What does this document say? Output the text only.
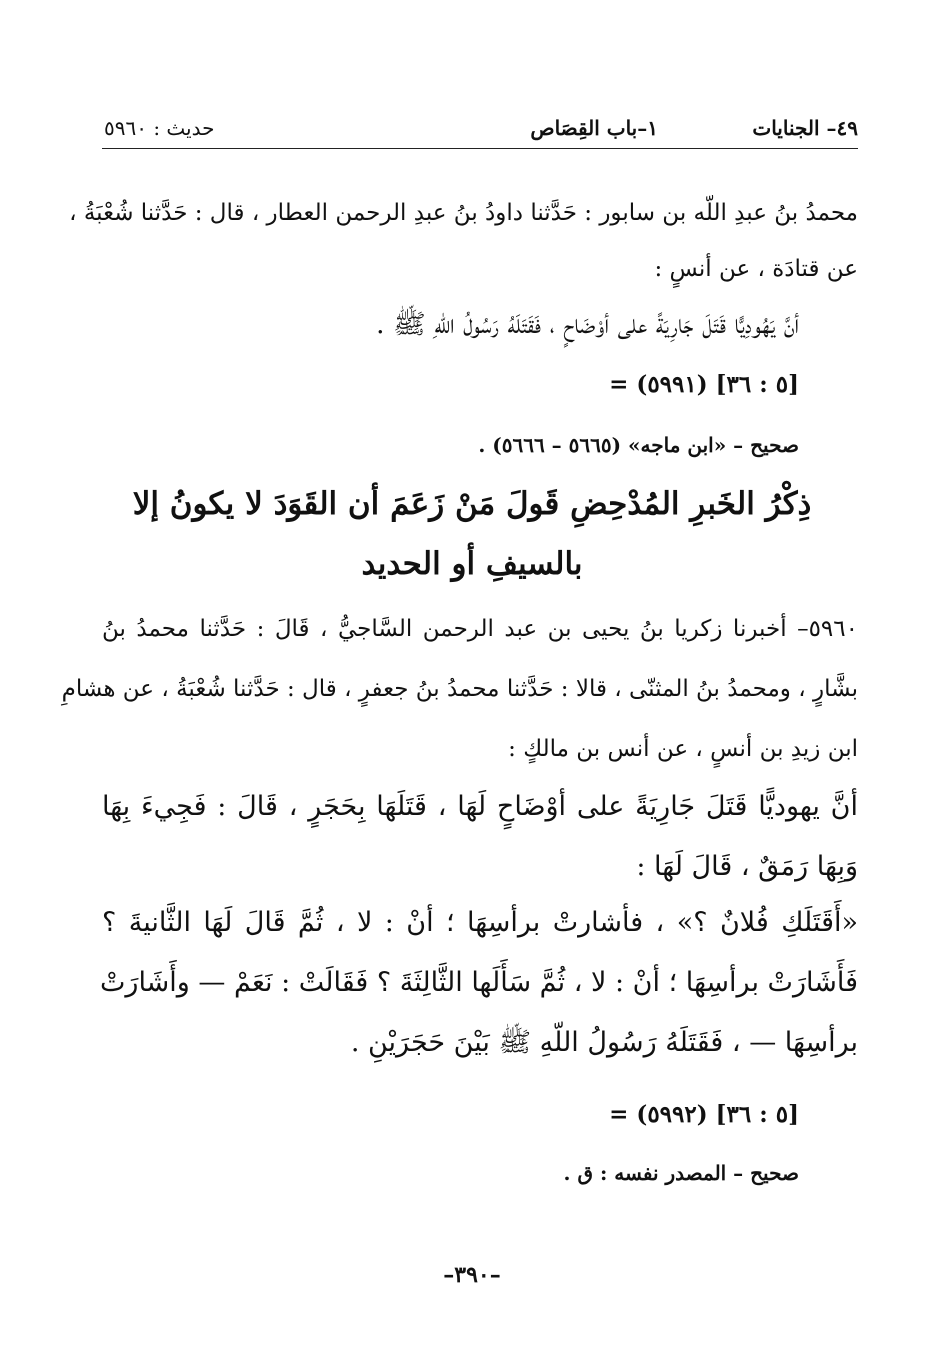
٤٩– الجنايات
١–باب القِصَاص
حديث : ٥٩٦٠
محمدُ بنُ عبدِ اللّه بن سابور : حَدَّثنا داودُ بنُ عبدِ الرحمن العطار ، قال : حَدَّثنا شُعْبَةُ ،
عن قتادَة ، عن أنسٍ :
أنَّ يَهُودِيًّا قَتَلَ جَارِيَةً على أوْضَاحٍ ، فَقَتَلَهُ رَسُولُ اللّهِ ﷺ .
= (٥٩٩١) [٥ : ٣٦]
صحيح – «ابن ماجه» (٥٦٦٥ – ٥٦٦٦) .
ذِكْرُ الخَبرِ المُدْحِضِ قَولَ مَنْ زَعَمَ أن القَوَدَ لا يكونُ إلا
بالسيفِ أو الحديد
٥٩٦٠– أخبرنا زكريا بنُ يحيى بن عبد الرحمن السَّاجيُّ ، قَالَ : حَدَّثنا محمدُ بنُ
بشَّارٍ ، ومحمدُ بنُ المثنّى ، قالا : حَدَّثنا محمدُ بنُ جعفرٍ ، قال : حَدَّثنا شُعْبَةُ ، عن هشامِ
ابن زيدِ بن أنسٍ ، عن أنس بن مالكٍ :
أنَّ يهوديًّا قَتَلَ جَارِيَةً على أوْضَاحٍ لَهَا ، قَتَلَهَا بِحَجَرٍ ، قَالَ : فَجِيءَ بِهَا
وَبِهَا رَمَقٌ ، قَالَ لَهَا :
«أَقَتَلَكِ فُلانٌ ؟» ، فأشارتْ برأسِهَا ؛ أنْ : لا ، ثُمَّ قَالَ لَهَا الثَّانيةَ ؟
فَأَشَارَتْ برأسِهَا ؛ أنْ : لا ، ثُمَّ سَأَلَها الثَّالِثَةَ ؟ فَقَالَتْ : نَعَمْ — وأَشَارَتْ
برأسِهَا — ، فَقَتَلَهُ رَسُولُ اللّهِ ﷺ بَيْنَ حَجَرَيْنِ .
= (٥٩٩٢) [٥ : ٣٦]
صحيح – المصدر نفسه : ق .
–٣٩٠–
